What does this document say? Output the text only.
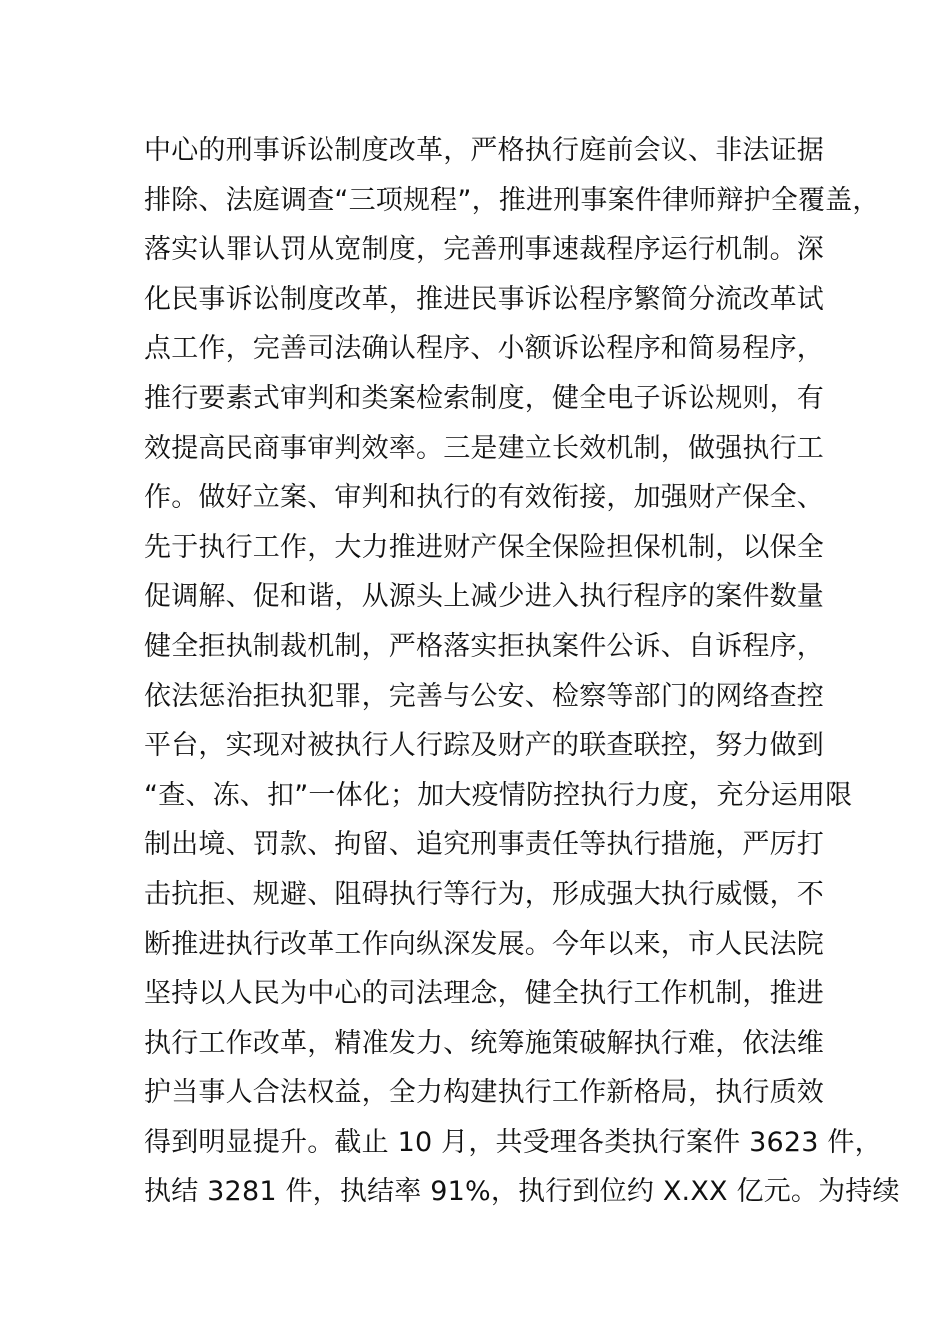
中心的刑事诉讼制度改革，严格执行庭前会议、非法证据
排除、法庭调查“三项规程”，推进刑事案件律师辩护全覆盖，
落实认罪认罚从宽制度，完善刑事速裁程序运行机制。深
化民事诉讼制度改革，推进民事诉讼程序繁简分流改革试
点工作，完善司法确认程序、小额诉讼程序和简易程序，
推行要素式审判和类案检索制度，健全电子诉讼规则，有
效提高民商事审判效率。三是建立长效机制，做强执行工
作。做好立案、审判和执行的有效衔接，加强财产保全、
先于执行工作，大力推进财产保全保险担保机制，以保全
促调解、促和谐，从源头上减少进入执行程序的案件数量
健全拒执制裁机制，严格落实拒执案件公诉、自诉程序，
依法惩治拒执犯罪，完善与公安、检察等部门的网络查控
平台，实现对被执行人行踪及财产的联查联控，努力做到
“查、冻、扣”一体化；加大疫情防控执行力度，充分运用限
制出境、罚款、拘留、追究刑事责任等执行措施，严厉打
击抗拒、规避、阻碍执行等行为，形成强大执行威慑，不
断推进执行改革工作向纵深发展。今年以来，市人民法院
坚持以人民为中心的司法理念，健全执行工作机制，推进
执行工作改革，精准发力、统筹施策破解执行难，依法维
护当事人合法权益，全力构建执行工作新格局，执行质效
得到明显提升。截止 10 月，共受理各类执行案件 3623 件，
执结 3281 件，执结率 91%，执行到位约 X.XX 亿元。为持续
